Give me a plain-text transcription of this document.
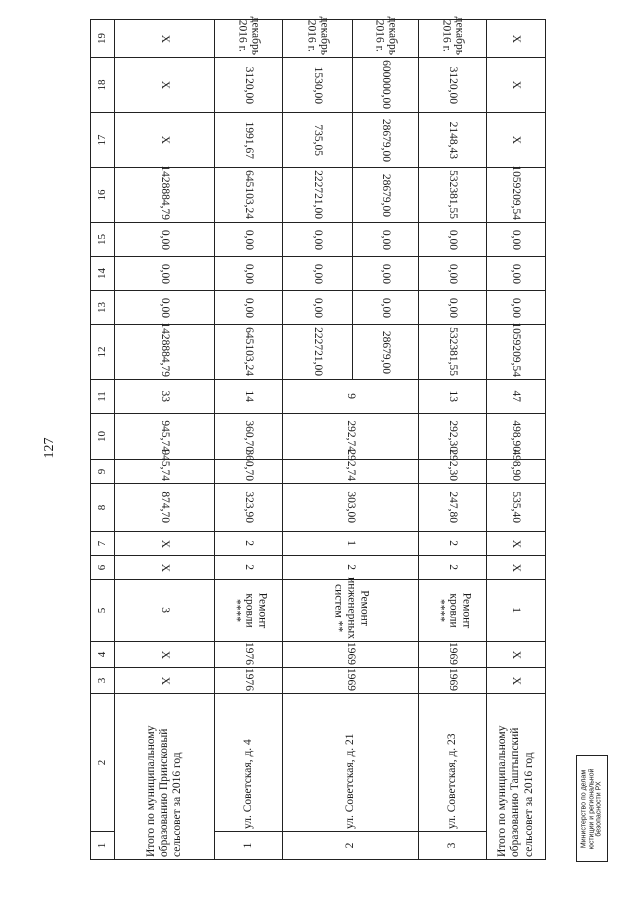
127
1	2	3	4	5	6	7	8	9	10	11	12	13	14	15	16	17	18	19
Итого по муниципальному образованию Приисковый сельсовет за 2016 год		X	X	3	X	X	874,70	945,74	945,74	33	1428884,79	0,00	0,00	0,00	1428884,79	X	X	X
1	ул. Советская, д. 4	1976	1976	Ремонт кровли ****	2	2	323,90	360,70	360,70	14	645103,24	0,00	0,00	0,00	645103,24	1991,67	3120,00	декабрь 2016 г.
2	ул. Советская, д. 21	1969	1969	Ремонт инженерных систем **	2	1	303,00	292,74	292,74	9	222721,00	0,00	0,00	0,00	222721,00	735,05	1530,00	декабрь 2016 г.
											28679,00	0,00	0,00	0,00	28679,00	28679,00	600000,00	декабрь 2016 г.
3	ул. Советская, д. 23	1969	1969	Ремонт кровли ****	2	2	247,80	292,30	292,30	13	532381,55	0,00	0,00	0,00	532381,55	2148,43	3120,00	декабрь 2016 г.
Итого по муниципальному образованию Таштыпский сельсовет за 2016 год		X	X	1	X	X	535,40	498,90	498,90	47	1059209,54	0,00	0,00	0,00	1059209,54	X	X	X
Министерство по делам юстиции и региональной безопасности РХ
